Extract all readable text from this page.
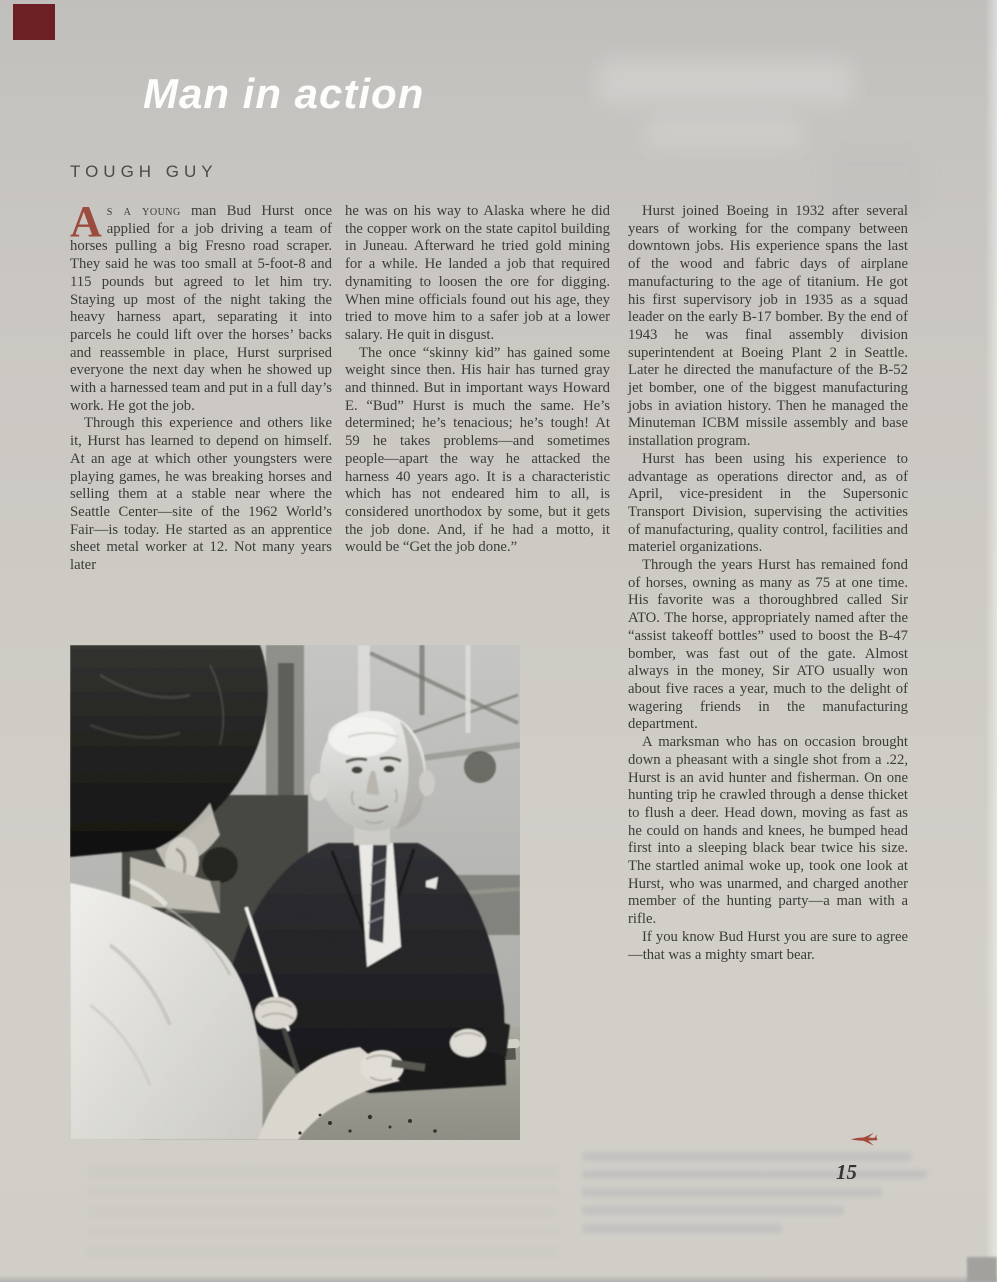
Man in action
TOUGH GUY

As a young man Bud Hurst once applied for a job driving a team of horses pulling a big Fresno road scraper. They said he was too small at 5-foot-8 and 115 pounds but agreed to let him try. Staying up most of the night taking the heavy harness apart, separating it into parcels he could lift over the horses’ backs and reassemble in place, Hurst surprised everyone the next day when he showed up with a harnessed team and put in a full day’s work. He got the job.

Through this experience and others like it, Hurst has learned to depend on himself. At an age at which other youngsters were playing games, he was breaking horses and selling them at a stable near where the Seattle Center—site of the 1962 World’s Fair—is today. He started as an apprentice sheet metal worker at 12. Not many years later

he was on his way to Alaska where he did the copper work on the state capitol building in Juneau. Afterward he tried gold mining for a while. He landed a job that required dynamiting to loosen the ore for digging. When mine officials found out his age, they tried to move him to a safer job at a lower salary. He quit in disgust.

The once “skinny kid” has gained some weight since then. His hair has turned gray and thinned. But in important ways Howard E. “Bud” Hurst is much the same. He’s determined; he’s tenacious; he’s tough! At 59 he takes problems—and sometimes people—apart the way he attacked the harness 40 years ago. It is a characteristic which has not endeared him to all, is considered unorthodox by some, but it gets the job done. And, if he had a motto, it would be “Get the job done.”

Hurst joined Boeing in 1932 after several years of working for the company between downtown jobs. His experience spans the last of the wood and fabric days of airplane manufacturing to the age of titanium. He got his first supervisory job in 1935 as a squad leader on the early B-17 bomber. By the end of 1943 he was final assembly division superintendent at Boeing Plant 2 in Seattle. Later he directed the manufacture of the B-52 jet bomber, one of the biggest manufacturing jobs in aviation history. Then he managed the Minuteman ICBM missile assembly and base installation program.

Hurst has been using his experience to advantage as operations director and, as of April, vice-president in the Supersonic Transport Division, supervising the activities of manufacturing, quality control, facilities and materiel organizations.

Through the years Hurst has remained fond of horses, owning as many as 75 at one time. His favorite was a thoroughbred called Sir ATO. The horse, appropriately named after the “assist takeoff bottles” used to boost the B-47 bomber, was fast out of the gate. Almost always in the money, Sir ATO usually won about five races a year, much to the delight of wagering friends in the manufacturing department.

A marksman who has on occasion brought down a pheasant with a single shot from a .22, Hurst is an avid hunter and fisherman. On one hunting trip he crawled through a dense thicket to flush a deer. Head down, moving as fast as he could on hands and knees, he bumped head first into a sleeping black bear twice his size. The startled animal woke up, took one look at Hurst, who was unarmed, and charged another member of the hunting party—a man with a rifle.

If you know Bud Hurst you are sure to agree—that was a mighty smart bear.

15
